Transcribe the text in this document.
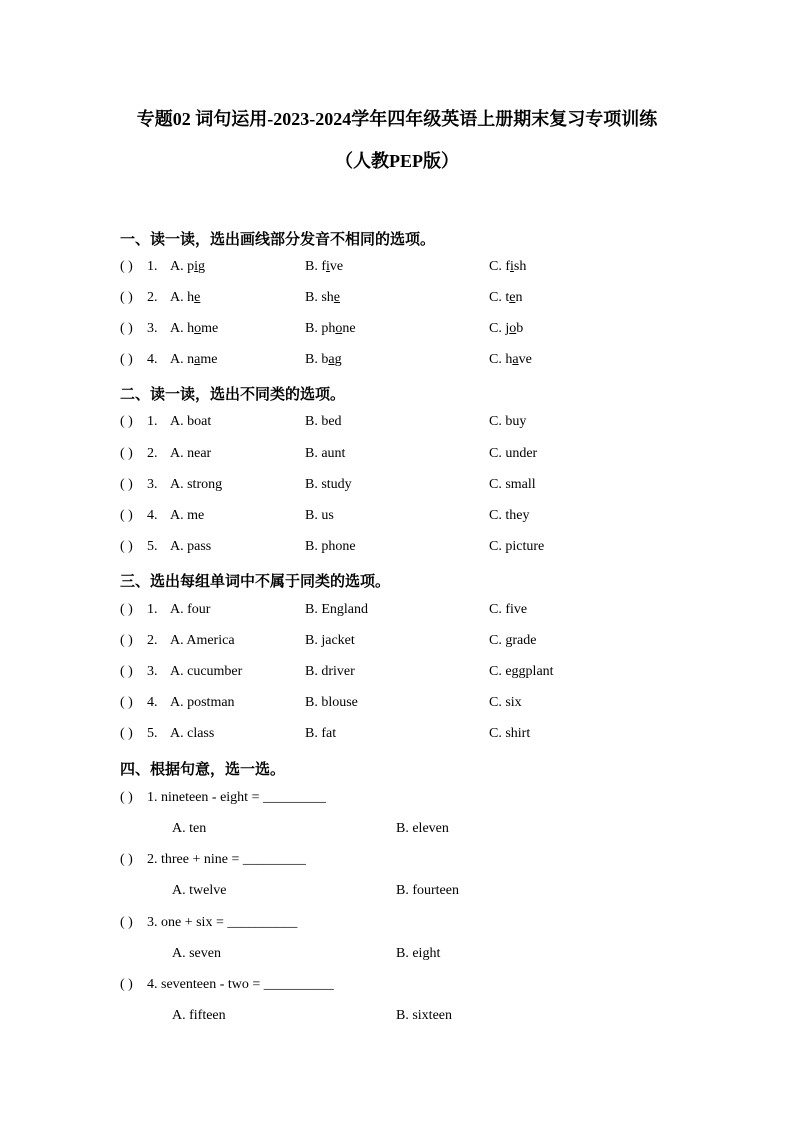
专题02 词句运用-2023-2024学年四年级英语上册期末复习专项训练
（人教PEP版）
一、读一读，选出画线部分发音不相同的选项。
( ) 1. A. pig	B. five	C. fish
( ) 2. A. he	B. she	C. ten
( ) 3. A. home	B. phone	C. job
( ) 4. A. name	B. bag	C. have
二、读一读，选出不同类的选项。
( ) 1. A. boat	B. bed	C. buy
( ) 2. A. near	B. aunt	C. under
( ) 3. A. strong	B. study	C. small
( ) 4. A. me	B. us	C. they
( ) 5. A. pass	B. phone	C. picture
三、选出每组单词中不属于同类的选项。
( ) 1. A. four	B. England	C. five
( ) 2. A. America	B. jacket	C. grade
( ) 3. A. cucumber	B. driver	C. eggplant
( ) 4. A. postman	B. blouse	C. six
( ) 5. A. class	B. fat	C. shirt
四、根据句意，选一选。
( ) 1. nineteen - eight = _________
A. ten	B. eleven
( ) 2. three + nine = _________
A. twelve	B. fourteen
( ) 3. one + six = __________
A. seven	B. eight
( ) 4. seventeen - two = __________
A. fifteen	B. sixteen
